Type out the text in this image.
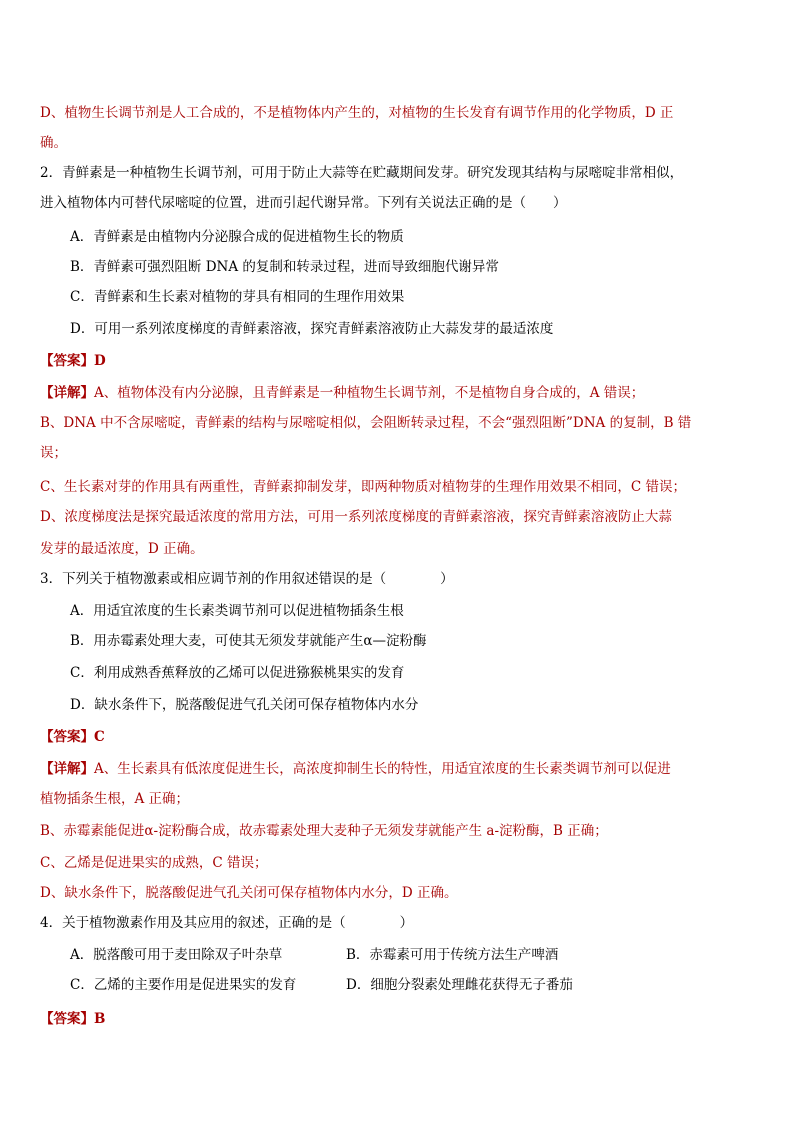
D、植物生长调节剂是人工合成的，不是植物体内产生的，对植物的生长发育有调节作用的化学物质，D 正
确。
2．青鲜素是一种植物生长调节剂，可用于防止大蒜等在贮藏期间发芽。研究发现其结构与尿嘧啶非常相似，
进入植物体内可替代尿嘧啶的位置，进而引起代谢异常。下列有关说法正确的是（　　）
A．青鲜素是由植物内分泌腺合成的促进植物生长的物质
B．青鲜素可强烈阻断 DNA 的复制和转录过程，进而导致细胞代谢异常
C．青鲜素和生长素对植物的芽具有相同的生理作用效果
D．可用一系列浓度梯度的青鲜素溶液，探究青鲜素溶液防止大蒜发芽的最适浓度
【答案】D
【详解】A、植物体没有内分泌腺，且青鲜素是一种植物生长调节剂，不是植物自身合成的，A 错误；
B、DNA 中不含尿嘧啶，青鲜素的结构与尿嘧啶相似，会阻断转录过程，不会“强烈阻断”DNA 的复制，B 错
误；
C、生长素对芽的作用具有两重性，青鲜素抑制发芽，即两种物质对植物芽的生理作用效果不相同，C 错误；
D、浓度梯度法是探究最适浓度的常用方法，可用一系列浓度梯度的青鲜素溶液，探究青鲜素溶液防止大蒜
发芽的最适浓度，D 正确。
3．下列关于植物激素或相应调节剂的作用叙述错误的是（　　　　）
A．用适宜浓度的生长素类调节剂可以促进植物插条生根
B．用赤霉素处理大麦，可使其无须发芽就能产生α—淀粉酶
C．利用成熟香蕉释放的乙烯可以促进猕猴桃果实的发育
D．缺水条件下，脱落酸促进气孔关闭可保存植物体内水分
【答案】C
【详解】A、生长素具有低浓度促进生长，高浓度抑制生长的特性，用适宜浓度的生长素类调节剂可以促进
植物插条生根，A 正确；
B、赤霉素能促进α-淀粉酶合成，故赤霉素处理大麦种子无须发芽就能产生 a-淀粉酶，B 正确；
C、乙烯是促进果实的成熟，C 错误；
D、缺水条件下，脱落酸促进气孔关闭可保存植物体内水分，D 正确。
4．关于植物激素作用及其应用的叙述，正确的是（　　　　）
A．脱落酸可用于麦田除双子叶杂草	B．赤霉素可用于传统方法生产啤酒
C．乙烯的主要作用是促进果实的发育	D．细胞分裂素处理雌花获得无子番茄
【答案】B
